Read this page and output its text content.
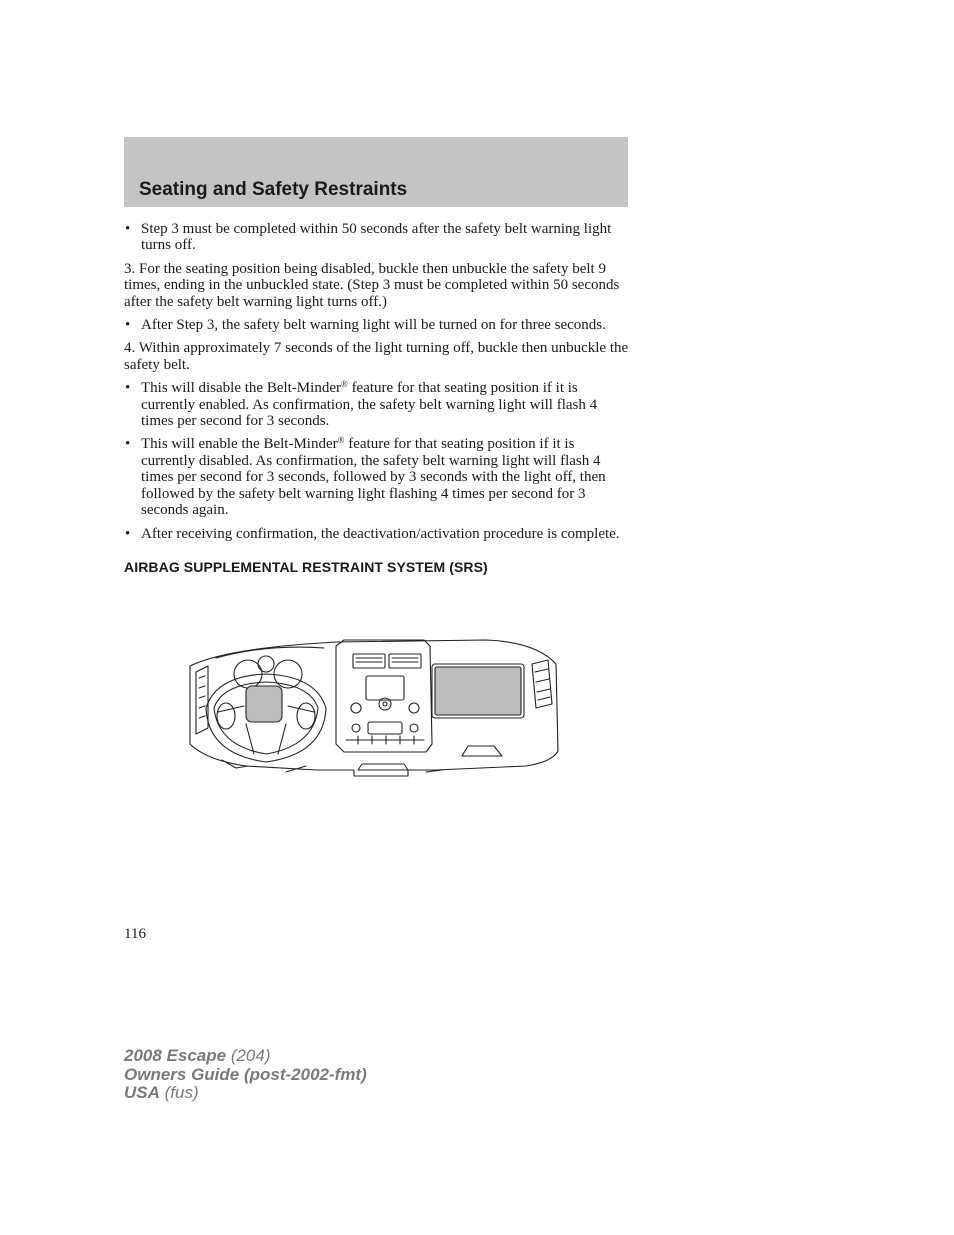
Seating and Safety Restraints
• Step 3 must be completed within 50 seconds after the safety belt warning light turns off.
3. For the seating position being disabled, buckle then unbuckle the safety belt 9 times, ending in the unbuckled state. (Step 3 must be completed within 50 seconds after the safety belt warning light turns off.)
• After Step 3, the safety belt warning light will be turned on for three seconds.
4. Within approximately 7 seconds of the light turning off, buckle then unbuckle the safety belt.
• This will disable the Belt-Minder® feature for that seating position if it is currently enabled. As confirmation, the safety belt warning light will flash 4 times per second for 3 seconds.
• This will enable the Belt-Minder® feature for that seating position if it is currently disabled. As confirmation, the safety belt warning light will flash 4 times per second for 3 seconds, followed by 3 seconds with the light off, then followed by the safety belt warning light flashing 4 times per second for 3 seconds again.
• After receiving confirmation, the deactivation/activation procedure is complete.
AIRBAG SUPPLEMENTAL RESTRAINT SYSTEM (SRS)
116
2008 Escape (204)
Owners Guide (post-2002-fmt)
USA (fus)
